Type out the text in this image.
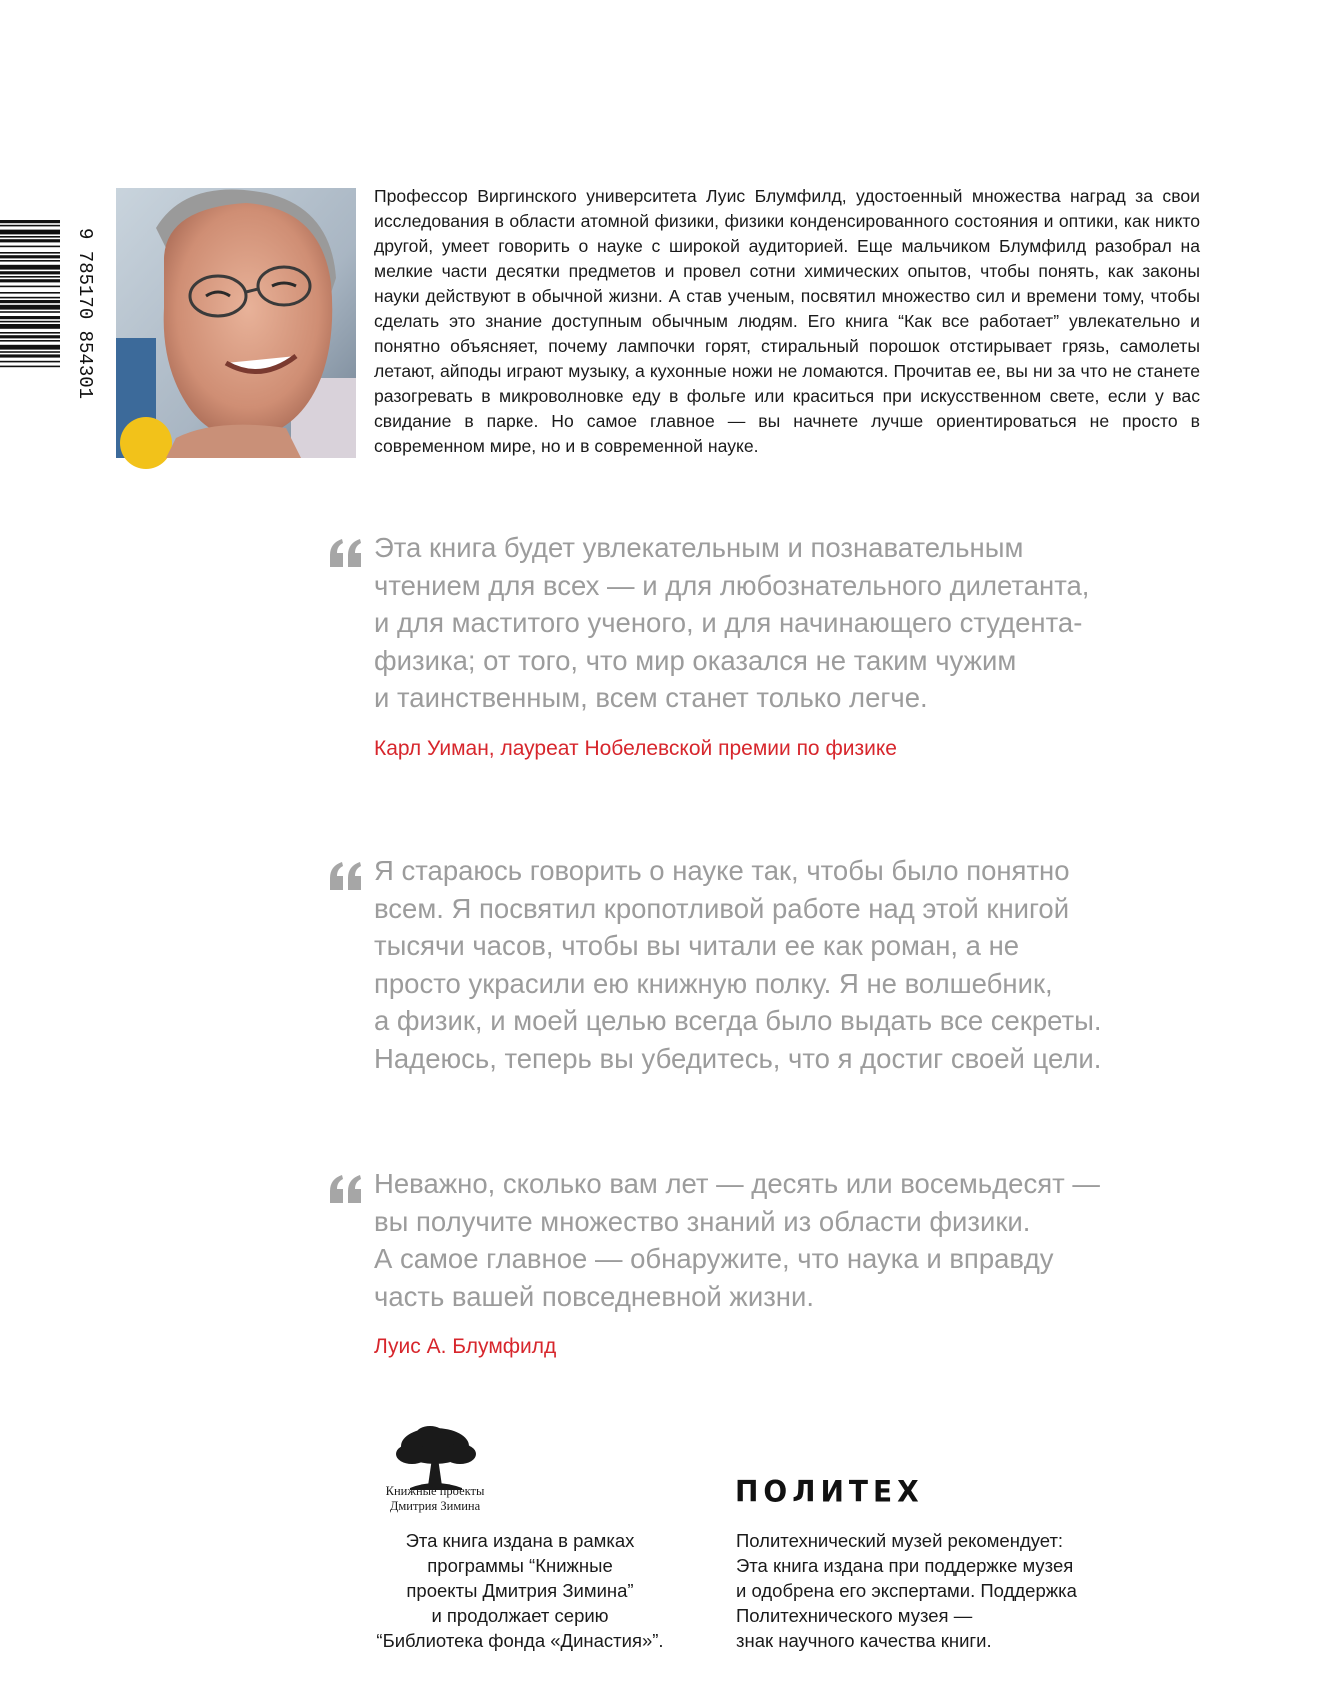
9 785170 854301

Профессор Виргинского университета Луис Блумфилд, удостоенный множества наград за свои исследования в области атомной физики, физики конденсированного состояния и оптики, как никто другой, умеет говорить о науке с широкой аудиторией. Еще мальчиком Блумфилд разобрал на мелкие части десятки предметов и провел сотни химических опытов, чтобы понять, как законы науки действуют в обычной жизни. А став ученым, посвятил множество сил и времени тому, чтобы сделать это знание доступным обычным людям. Его книга “Как все работает” увлекательно и понятно объясняет, почему лампочки горят, стиральный порошок отстирывает грязь, самолеты летают, айподы играют музыку, а кухонные ножи не ломаются. Прочитав ее, вы ни за что не станете разогревать в микроволновке еду в фольге или краситься при искусственном свете, если у вас свидание в парке. Но самое главное — вы начнете лучше ориентироваться не просто в современном мире, но и в современной науке.

Эта книга будет увлекательным и познавательным
чтением для всех — и для любознательного дилетанта,
и для маститого ученого, и для начинающего студента-
физика; от того, что мир оказался не таким чужим
и таинственным, всем станет только легче.

Карл Уиман, лауреат Нобелевской премии по физике

Я стараюсь говорить о науке так, чтобы было понятно
всем. Я посвятил кропотливой работе над этой книгой
тысячи часов, чтобы вы читали ее как роман, а не
просто украсили ею книжную полку. Я не волшебник,
а физик, и моей целью всегда было выдать все секреты.
Надеюсь, теперь вы убедитесь, что я достиг своей цели.

Неважно, сколько вам лет — десять или восемьдесят —
вы получите множество знаний из области физики.
А самое главное — обнаружите, что наука и вправду
часть вашей повседневной жизни.

Луис А. Блумфилд

Книжные проекты
Дмитрия Зимина	ПОЛИТЕХ

Эта книга издана в рамках
программы “Книжные
проекты Дмитрия Зимина”
и продолжает серию
“Библиотека фонда «Династия»”.

Политехнический музей рекомендует:
Эта книга издана при поддержке музея
и одобрена его экспертами. Поддержка
Политехнического музея —
знак научного качества книги.
